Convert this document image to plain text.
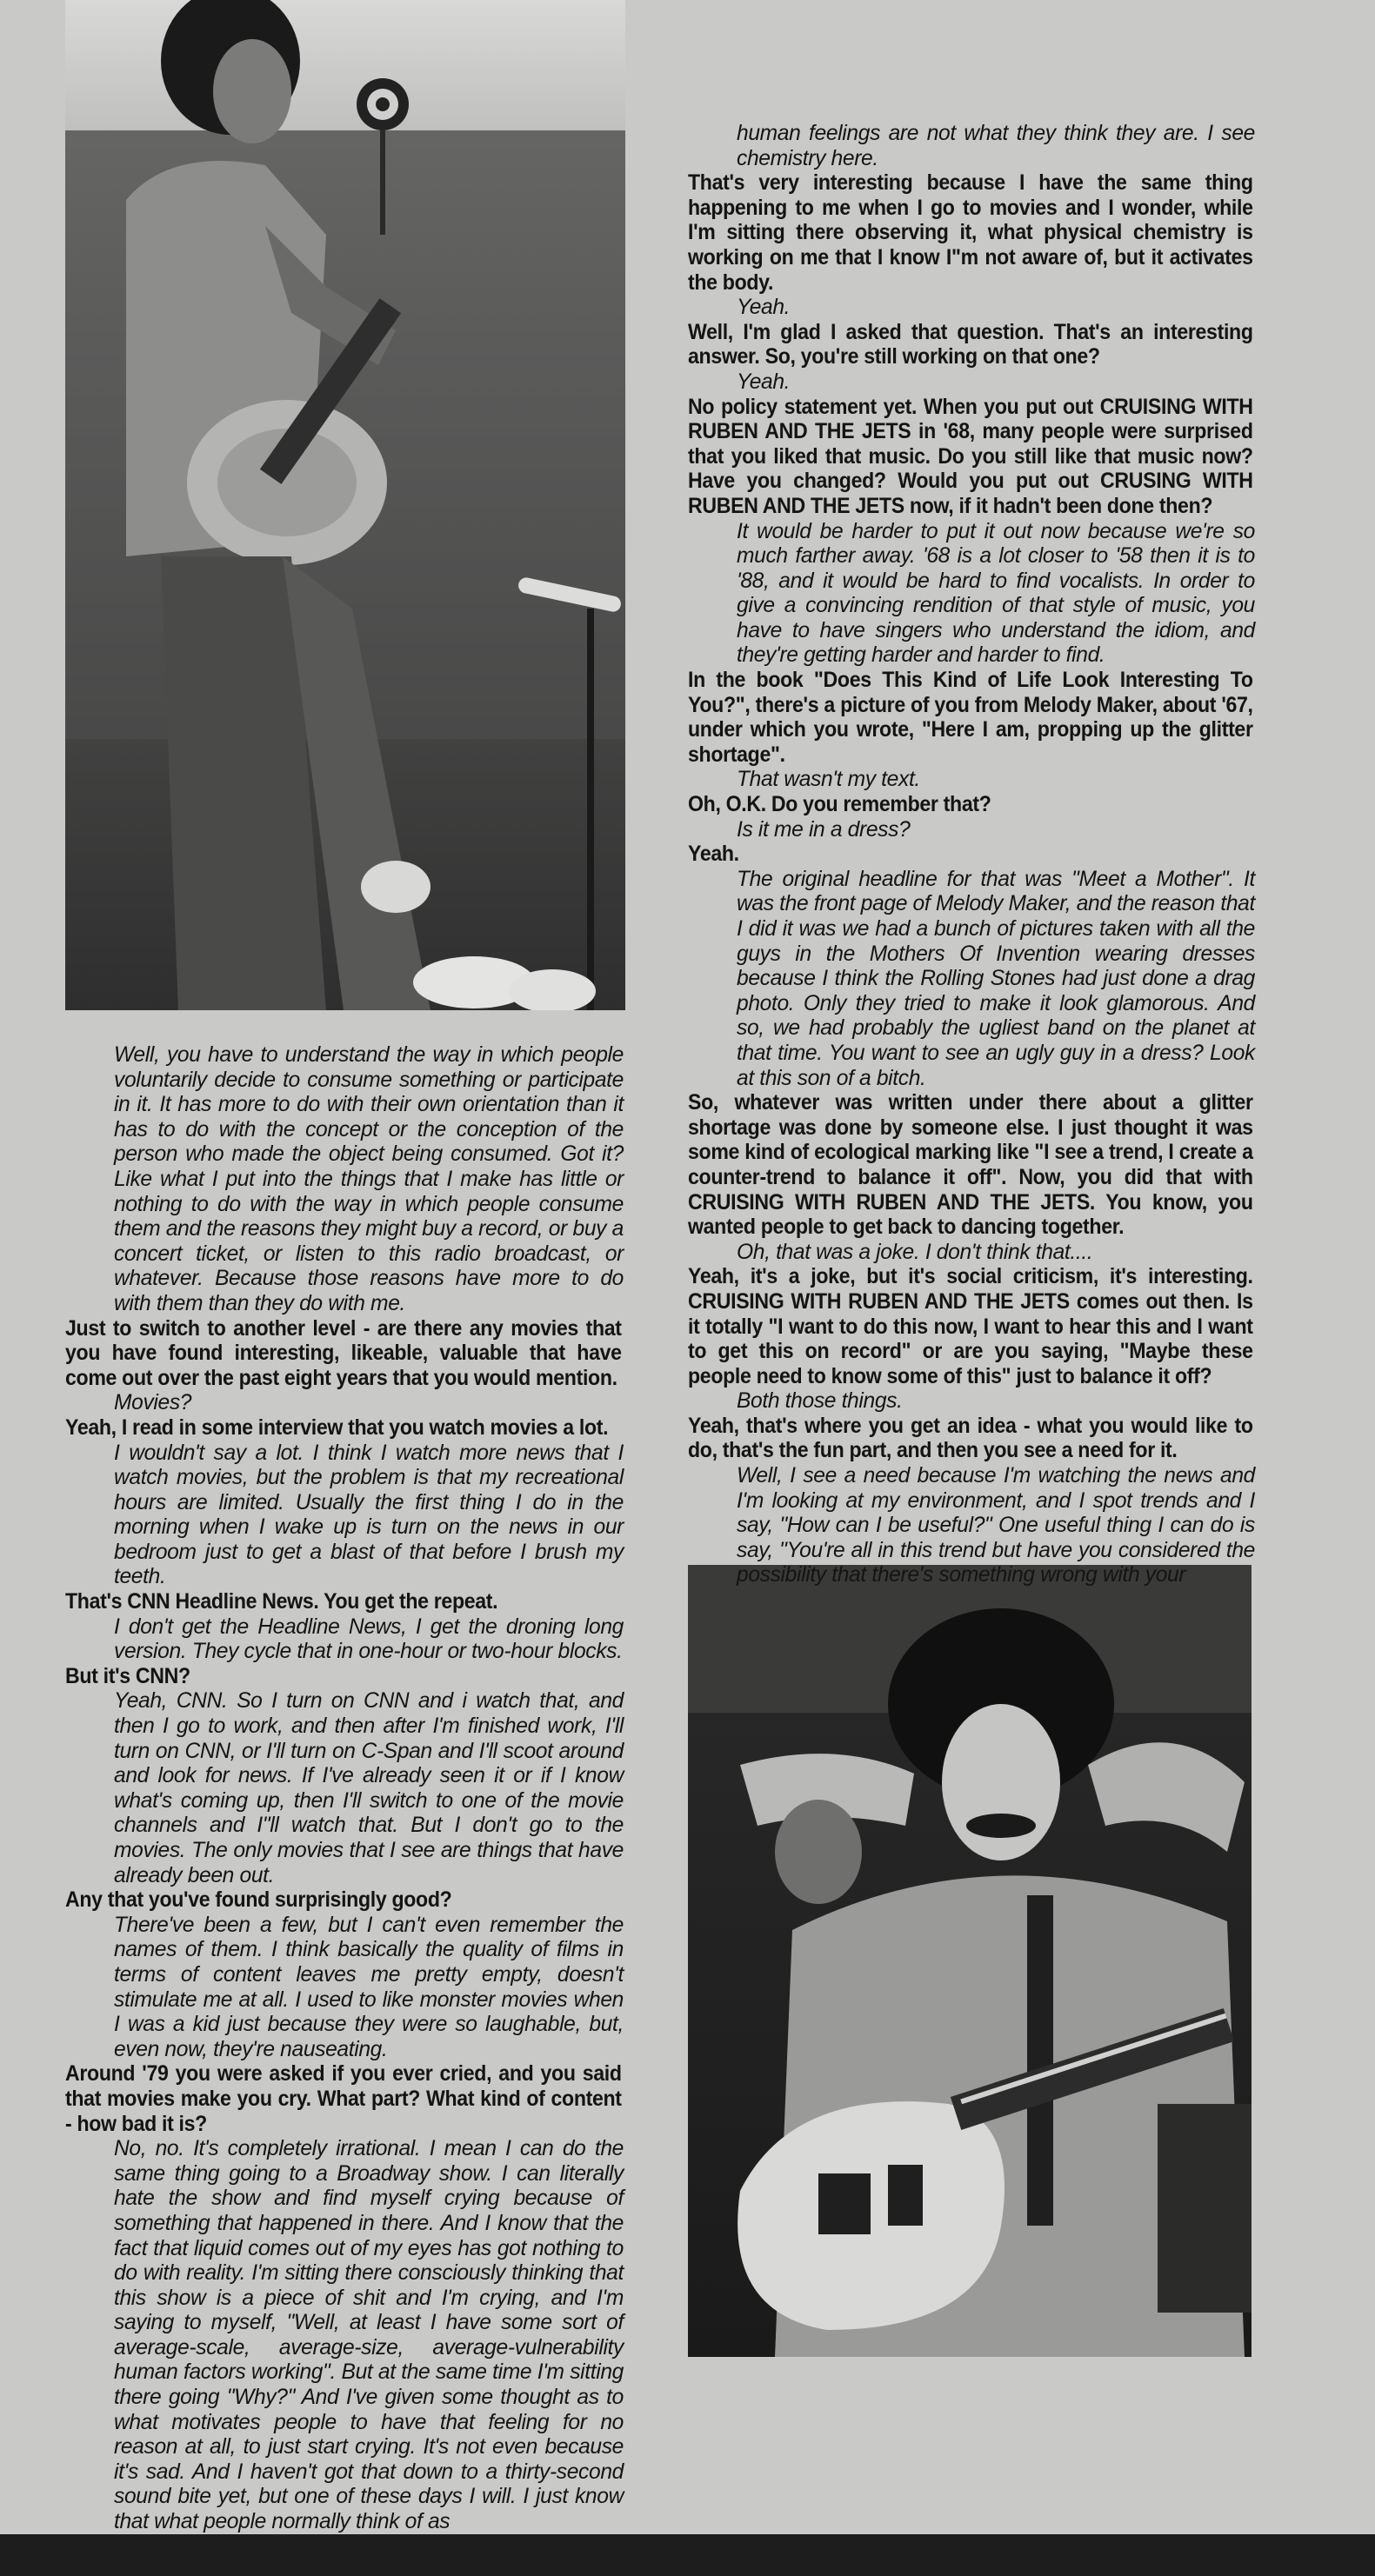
Well, you have to understand the way in which people voluntarily decide to consume something or participate in it. It has more to do with their own orientation than it has to do with the concept or the conception of the person who made the object being consumed. Got it? Like what I put into the things that I make has little or nothing to do with the way in which people consume them and the reasons they might buy a record, or buy a concert ticket, or listen to this radio broadcast, or whatever. Because those reasons have more to do with them than they do with me.

Just to switch to another level - are there any movies that you have found interesting, likeable, valuable that have come out over the past eight years that you would mention.

Movies?

Yeah, I read in some interview that you watch movies a lot.

I wouldn't say a lot. I think I watch more news that I watch movies, but the problem is that my recreational hours are limited. Usually the first thing I do in the morning when I wake up is turn on the news in our bedroom just to get a blast of that before I brush my teeth.

That's CNN Headline News. You get the repeat.

I don't get the Headline News, I get the droning long version. They cycle that in one-hour or two-hour blocks.

But it's CNN?

Yeah, CNN. So I turn on CNN and i watch that, and then I go to work, and then after I'm finished work, I'll turn on CNN, or I'll turn on C-Span and I'll scoot around and look for news. If I've already seen it or if I know what's coming up, then I'll switch to one of the movie channels and I"ll watch that. But I don't go to the movies. The only movies that I see are things that have already been out.

Any that you've found surprisingly good?

There've been a few, but I can't even remember the names of them. I think basically the quality of films in terms of content leaves me pretty empty, doesn't stimulate me at all. I used to like monster movies when I was a kid just because they were so laughable, but, even now, they're nauseating.

Around '79 you were asked if you ever cried, and you said that movies make you cry. What part? What kind of content - how bad it is?

No, no. It's completely irrational. I mean I can do the same thing going to a Broadway show. I can literally hate the show and find myself crying because of something that happened in there. And I know that the fact that liquid comes out of my eyes has got nothing to do with reality. I'm sitting there consciously thinking that this show is a piece of shit and I'm crying, and I'm saying to myself, "Well, at least I have some sort of average-scale, average-size, average-vulnerability human factors working". But at the same time I'm sitting there going "Why?" And I've given some thought as to what motivates people to have that feeling for no reason at all, to just start crying. It's not even because it's sad. And I haven't got that down to a thirty-second sound bite yet, but one of these days I will. I just know that what people normally think of as

human feelings are not what they think they are. I see chemistry here.

That's very interesting because I have the same thing happening to me when I go to movies and I wonder, while I'm sitting there observing it, what physical chemistry is working on me that I know I"m not aware of, but it activates the body.

Yeah.

Well, I'm glad I asked that question. That's an interesting answer. So, you're still working on that one?

Yeah.

No policy statement yet. When you put out CRUISING WITH RUBEN AND THE JETS in '68, many people were surprised that you liked that music. Do you still like that music now? Have you changed? Would you put out CRUSING WITH RUBEN AND THE JETS now, if it hadn't been done then?

It would be harder to put it out now because we're so much farther away. '68 is a lot closer to '58 then it is to '88, and it would be hard to find vocalists. In order to give a convincing rendition of that style of music, you have to have singers who understand the idiom, and they're getting harder and harder to find.

In the book "Does This Kind of Life Look Interesting To You?", there's a picture of you from Melody Maker, about '67, under which you wrote, "Here I am, propping up the glitter shortage".

That wasn't my text.

Oh, O.K. Do you remember that?

Is it me in a dress?

Yeah.

The original headline for that was "Meet a Mother". It was the front page of Melody Maker, and the reason that I did it was we had a bunch of pictures taken with all the guys in the Mothers Of Invention wearing dresses because I think the Rolling Stones had just done a drag photo. Only they tried to make it look glamorous. And so, we had probably the ugliest band on the planet at that time. You want to see an ugly guy in a dress? Look at this son of a bitch.

So, whatever was written under there about a glitter shortage was done by someone else. I just thought it was some kind of ecological marking like "I see a trend, I create a counter-trend to balance it off". Now, you did that with CRUISING WITH RUBEN AND THE JETS. You know, you wanted people to get back to dancing together.

Oh, that was a joke. I don't think that....

Yeah, it's a joke, but it's social criticism, it's interesting. CRUISING WITH RUBEN AND THE JETS comes out then. Is it totally "I want to do this now, I want to hear this and I want to get this on record" or are you saying, "Maybe these people need to know some of this" just to balance it off?

Both those things.

Yeah, that's where you get an idea - what you would like to do, that's the fun part, and then you see a need for it.

Well, I see a need because I'm watching the news and I'm looking at my environment, and I spot trends and I say, "How can I be useful?" One useful thing I can do is say, "You're all in this trend but have you considered the possibility that there's something wrong with your
